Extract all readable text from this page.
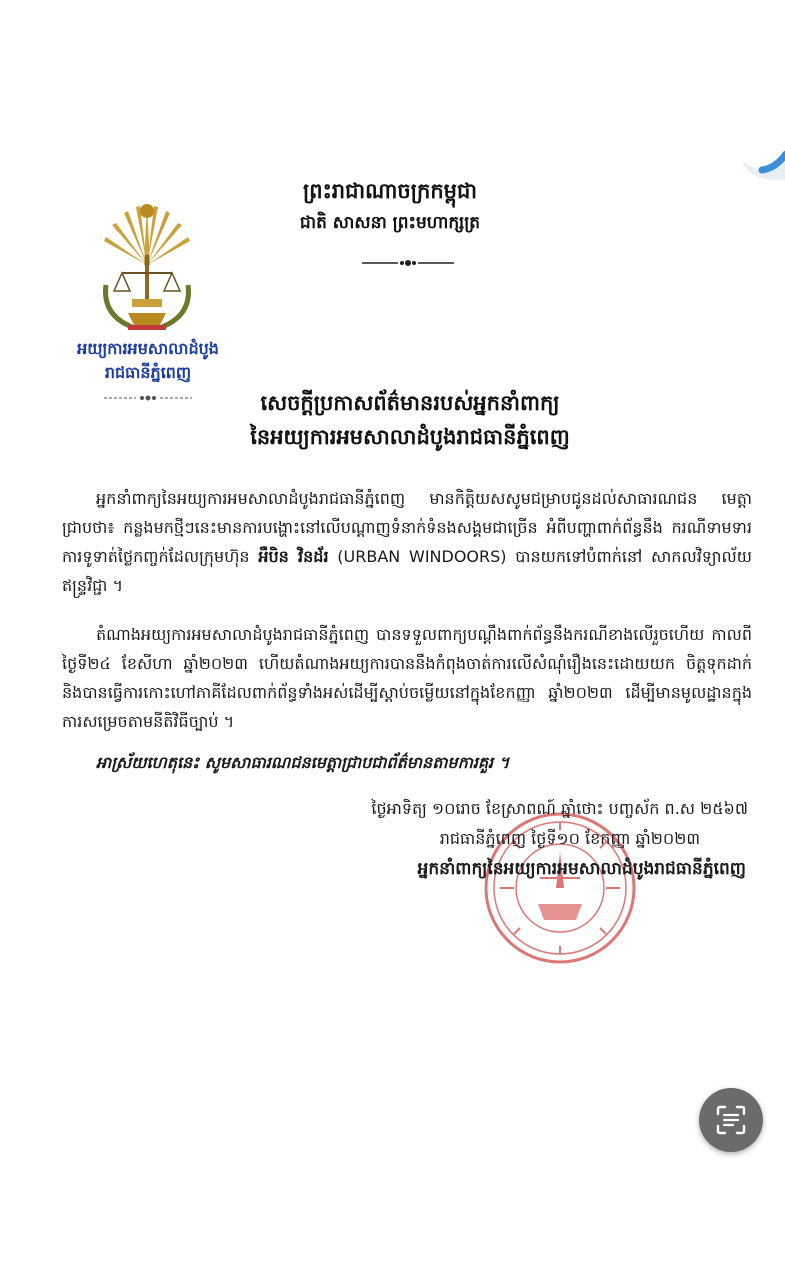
ព្រះរាជាណាចក្រកម្ពុជា
ជាតិ សាសនា ព្រះមហាក្សត្រ
អយ្យការអមសាលាដំបូង
រាជធានីភ្នំពេញ
សេចក្តីប្រកាសព័ត៌មានរបស់អ្នកនាំពាក្យ
នៃអយ្យការអមសាលាដំបូងរាជធានីភ្នំពេញ

អ្នកនាំពាក្យនៃអយ្យការអមសាលាដំបូងរាជធានីភ្នំពេញ មានកិត្តិយសសូមជម្រាបជូនដល់សាធារណជន មេត្តាជ្រាបថា៖ កន្លងមកថ្មីៗនេះមានការបង្ហោះនៅលើបណ្តាញទំនាក់ទំនងសង្គមជាច្រើន អំពីបញ្ហាពាក់ព័ន្ធនឹង ករណីទាមទារការទូទាត់ថ្លៃកញ្ចក់ដែលក្រុមហ៊ុន អឺបិន វិនដ័រ (URBAN WINDOORS) បានយកទៅបំពាក់នៅ សាកលវិទ្យាល័យឥន្ទ្រវិជ្ជា ។

តំណាងអយ្យការអមសាលាដំបូងរាជធានីភ្នំពេញ បានទទួលពាក្យបណ្តឹងពាក់ព័ន្ធនឹងករណីខាងលើរួចហើយ កាលពីថ្ងៃទី២៤ ខែសីហា ឆ្នាំ២០២៣ ហើយតំណាងអយ្យការបាននឹងកំពុងចាត់ការលើសំណុំរឿងនេះដោយយក ចិត្តទុកដាក់ និងបានធ្វើការកោះហៅភាគីដែលពាក់ព័ន្ធទាំងអស់ដើម្បីស្តាប់ចម្លើយនៅក្នុងខែកញ្ញា ឆ្នាំ២០២៣ ដើម្បីមានមូលដ្ឋានក្នុងការសម្រេចតាមនីតិវិធីច្បាប់ ។

អាស្រ័យហេតុនេះ សូមសាធារណជនមេត្តាជ្រាបជាព័ត៌មានតាមការគួរ ។
ថ្ងៃអាទិត្យ ១០រោច ខែស្រាពណ៍ ឆ្នាំថោះ បញ្ចស័ក ព.ស ២៥៦៧
រាជធានីភ្នំពេញ ថ្ងៃទី១០ ខែកញ្ញា ឆ្នាំ២០២៣
អ្នកនាំពាក្យនៃអយ្យការអមសាលាដំបូងរាជធានីភ្នំពេញ
